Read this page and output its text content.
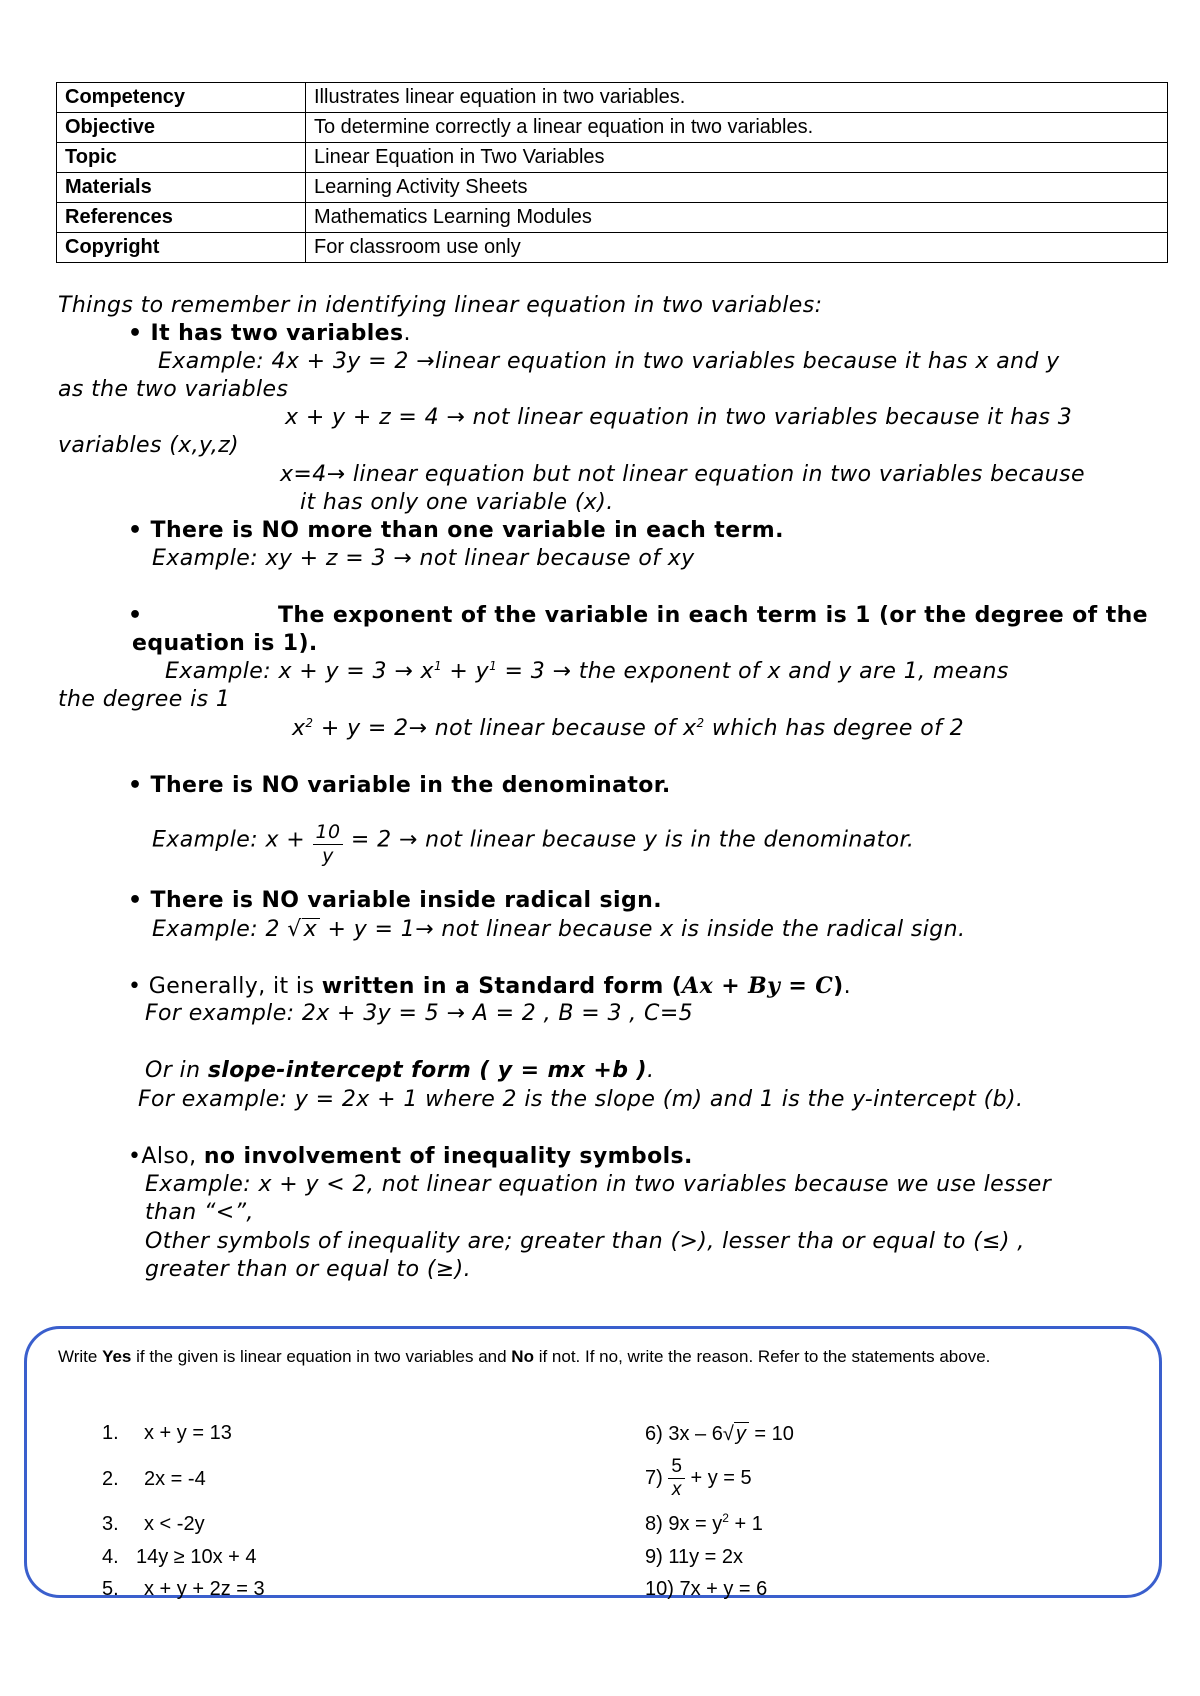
Competency	Illustrates linear equation in two variables.
Objective	To determine correctly a linear equation in two variables.
Topic	Linear Equation in Two Variables
Materials	Learning Activity Sheets
References	Mathematics Learning Modules
Copyright	For classroom use only
Things to remember in identifying linear equation in two variables:
• It has two variables.
Example: 4x + 3y = 2 →linear equation in two variables because it has x and y
as the two variables
x + y + z = 4 → not linear equation in two variables because it has 3
variables (x,y,z)
x=4→ linear equation but not linear equation in two variables because
it has only one variable (x).
• There is NO more than one variable in each term.
Example: xy + z = 3 → not linear because of xy
•	The exponent of the variable in each term is 1 (or the degree of the
equation is 1).
Example: $x + y = 3 \to x^1 + y^1 = 3$ → the exponent of x and y are 1, means
the degree is 1
$x^2 + y = 2\to$ not linear because of $x^2$ which has degree of 2
• There is NO variable in the denominator.
Example: $x + \frac{10}{y} = 2$ → not linear because y is in the denominator.
• There is NO variable inside radical sign.
Example: 2 √x + y = 1→ not linear because x is inside the radical sign.
• Generally, it is written in a Standard form (Ax + By = C).
For example: 2x + 3y = 5 → A = 2 , B = 3 , C=5
Or in slope-intercept form ( y = mx +b ).
For example: y = 2x + 1 where 2 is the slope (m) and 1 is the y-intercept (b).
•Also, no involvement of inequality symbols.
Example: x + y < 2, not linear equation in two variables because we use lesser
than “<”,
Other symbols of inequality are; greater than (>), lesser tha or equal to (≤) ,
greater than or equal to (≥).
Write Yes if the given is linear equation in two variables and No if not. If no, write the reason. Refer to the statements above.
1. x + y = 13
2. 2x = -4
3. x < -2y
4. 14y ≥ 10x + 4
5. x + y + 2z = 3
6) 3x – 6√ y = 10
$7) \frac{5}{x} + y = 5$
8) $9x = y^2 + 1$
9) 11y = 2x
10) 7x + y = 6
